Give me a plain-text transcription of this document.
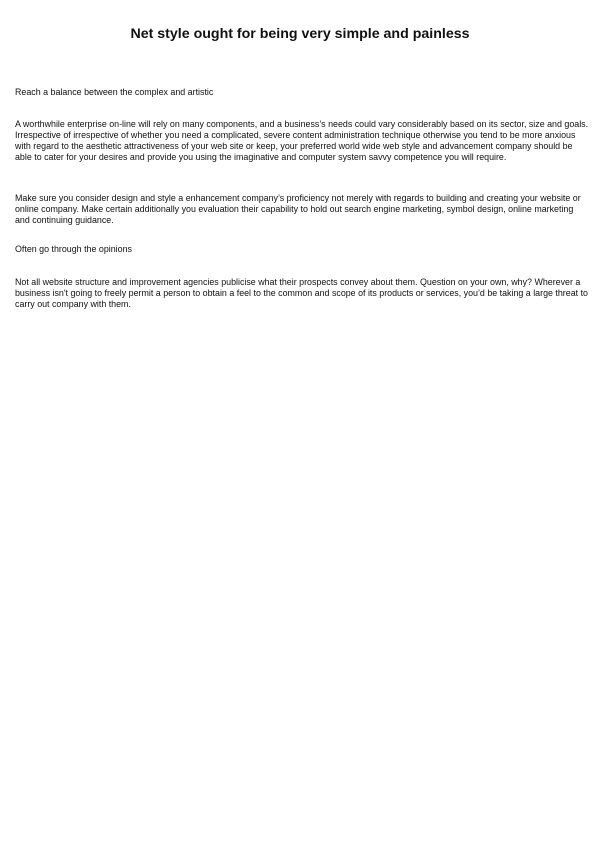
Net style ought for being very simple and painless

Reach a balance between the complex and artistic

A worthwhile enterprise on-line will rely on many components, and a business’s needs could vary considerably based on its sector, size and goals. Irrespective of irrespective of whether you need a complicated, severe content administration technique otherwise you tend to be more anxious with regard to the aesthetic attractiveness of your web site or keep, your preferred world wide web style and advancement company should be able to cater for your desires and provide you using the imaginative and computer system savvy competence you will require.

Make sure you consider design and style a enhancement company’s proficiency not merely with regards to building and creating your website or online company. Make certain additionally you evaluation their capability to hold out search engine marketing, symbol design, online marketing and continuing guidance.

Often go through the opinions

Not all website structure and improvement agencies publicise what their prospects convey about them. Question on your own, why? Wherever a business isn't going to freely permit a person to obtain a feel to the common and scope of its products or services, you’d be taking a large threat to carry out company with them.
